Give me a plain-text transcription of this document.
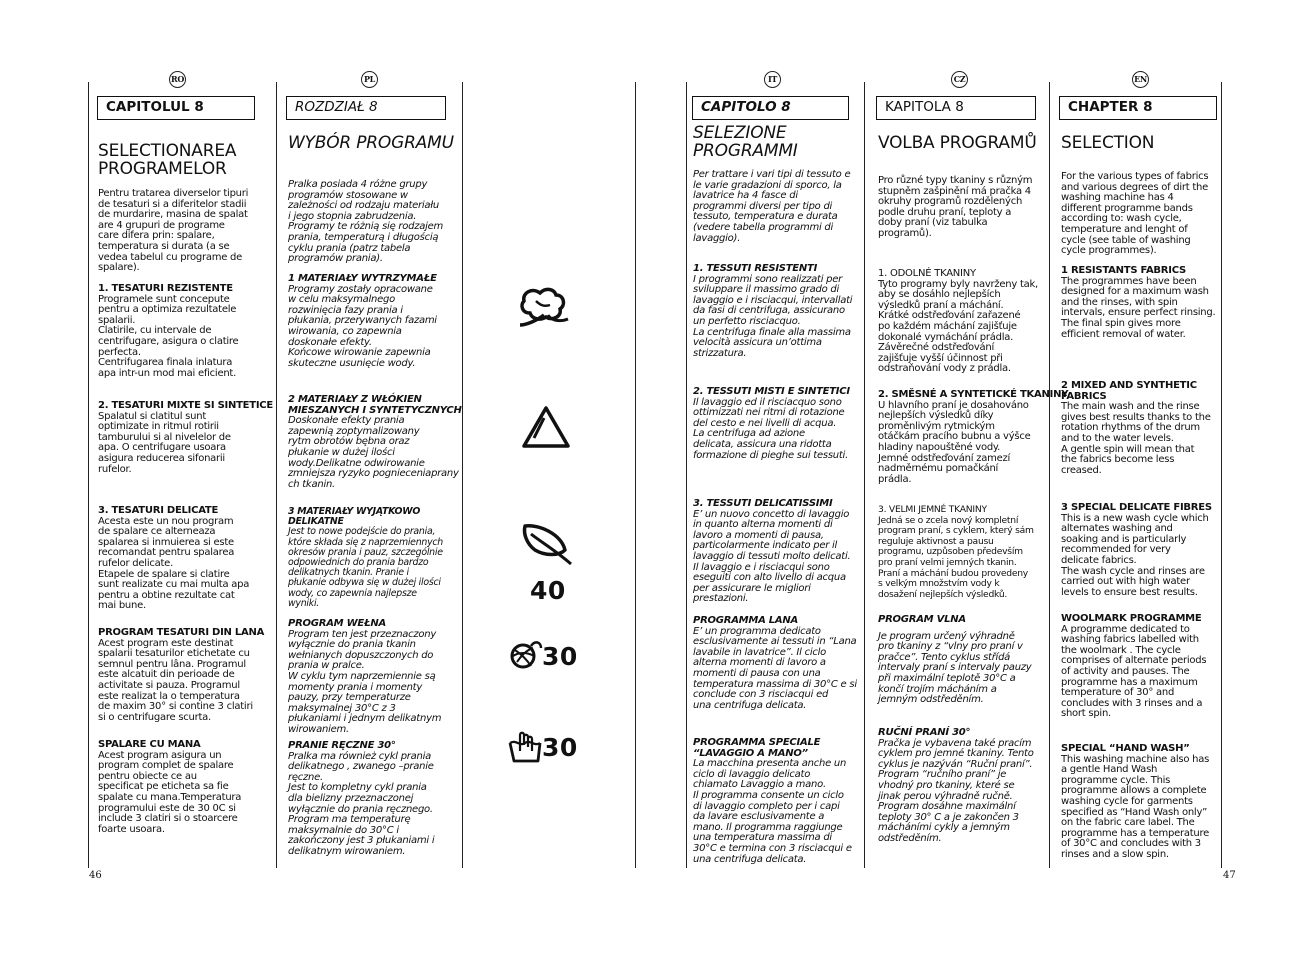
RO
CAPITOLUL 8
SELECTIONAREA
PROGRAMELOR
Pentru tratarea diverselor tipuri
de tesaturi si a diferitelor stadii
de murdarire, masina de spalat
are 4 grupuri de programe
care difera prin: spalare,
temperatura si durata (a se
vedea tabelul cu programe de
spalare).
1. TESATURI REZISTENTE
Programele sunt concepute
pentru a optimiza rezultatele
spalarii.
Clatirile, cu intervale de
centrifugare, asigura o clatire
perfecta.
Centrifugarea finala inlatura
apa intr-un mod mai eficient.
2. TESATURI MIXTE SI SINTETICE
Spalatul si clatitul sunt
optimizate in ritmul rotirii
tamburului si al nivelelor de
apa. O centrifugare usoara
asigura reducerea sifonarii
rufelor.
3. TESATURI DELICATE
Acesta este un nou program
de spalare ce alterneaza
spalarea si inmuierea si este
recomandat pentru spalarea
rufelor delicate.
Etapele de spalare si clatire
sunt realizate cu mai multa apa
pentru a obtine rezultate cat
mai bune.
PROGRAM TESATURI DIN LANA
Acest program este destinat
spalarii tesaturilor etichetate cu
semnul pentru lâna. Programul
este alcatuit din perioade de
activitate si pauza. Programul
este realizat la o temperatura
de maxim 30° si contine 3 clatiri
si o centrifugare scurta.
SPALARE CU MANA
Acest program asigura un
program complet de spalare
pentru obiecte ce au
specificat pe eticheta sa fie
spalate cu mana.Temperatura
programului este de 30 0C si
include 3 clatiri si o stoarcere
foarte usoara.
PL
ROZDZIAŁ 8
WYBÓR PROGRAMU
Pralka posiada 4 różne grupy
programów stosowane w
zależności od rodzaju materiału
i jego stopnia zabrudzenia.
Programy te różnią się rodzajem
prania, temperaturą i długością
cyklu prania (patrz tabela
programów prania).
1 MATERIAŁY WYTRZYMAŁE
Programy zostały opracowane
w celu maksymalnego
rozwinięcia fazy prania i
płukania, przerywanych fazami
wirowania, co zapewnia
doskonałe efekty.
Końcowe wirowanie zapewnia
skuteczne usunięcie wody.
2 MATERIAŁY Z WŁÓKIEN
MIESZANYCH I SYNTETYCZNYCH
Doskonałe efekty prania
zapewnią zoptymalizowany
rytm obrotów bębna oraz
płukanie w dużej ilości
wody.Delikatne odwirowanie
zmniejsza ryzyko pognieceniaprany
ch tkanin.
3 MATERIAŁY WYJĄTKOWO
DELIKATNE
Jest to nowe podejście do prania,
które składa się z naprzemiennych
okresów prania i pauz, szczególnie
odpowiednich do prania bardzo
delikatnych tkanin. Pranie i
płukanie odbywa się w dużej ilości
wody, co zapewnia najlepsze
wyniki.
PROGRAM WEŁNA
Program ten jest przeznaczony
wyłącznie do prania tkanin
wełnianych dopuszczonych do
prania w pralce.
W cyklu tym naprzemiennie są
momenty prania i momenty
pauzy, przy temperaturze
maksymalnej 30°C z 3
płukaniami i jednym delikatnym
wirowaniem.
PRANIE RĘCZNE 30°
Pralka ma również cykl prania
delikatnego , zwanego –pranie
ręczne.
Jest to kompletny cykl prania
dla bielizny przeznaczonej
wyłącznie do prania ręcznego.
Program ma temperaturę
maksymalnie do 30°C i
zakończony jest 3 płukaniami i
delikatnym wirowaniem.
40
30
30
IT
CAPITOLO 8
SELEZIONE
PROGRAMMI
Per trattare i vari tipi di tessuto e
le varie gradazioni di sporco, la
lavatrice ha 4 fasce di
programmi diversi per tipo di
tessuto, temperatura e durata
(vedere tabella programmi di
lavaggio).
1. TESSUTI RESISTENTI
I programmi sono realizzati per
sviluppare il massimo grado di
lavaggio e i risciacqui, intervallati
da fasi di centrifuga, assicurano
un perfetto risciacquo.
La centrifuga finale alla massima
velocità assicura un’ottima
strizzatura.
2. TESSUTI MISTI E SINTETICI
Il lavaggio ed il risciacquo sono
ottimizzati nei ritmi di rotazione
del cesto e nei livelli di acqua.
La centrifuga ad azione
delicata, assicura una ridotta
formazione di pieghe sui tessuti.
3. TESSUTI DELICATISSIMI
E’ un nuovo concetto di lavaggio
in quanto alterna momenti di
lavoro a momenti di pausa,
particolarmente indicato per il
lavaggio di tessuti molto delicati.
Il lavaggio e i risciacqui sono
eseguiti con alto livello di acqua
per assicurare le migliori
prestazioni.
PROGRAMMA LANA
E’ un programma dedicato
esclusivamente ai tessuti in “Lana
lavabile in lavatrice”. Il ciclo
alterna momenti di lavoro a
momenti di pausa con una
temperatura massima di 30°C e si
conclude con 3 risciacqui ed
una centrifuga delicata.
PROGRAMMA SPECIALE
“LAVAGGIO A MANO”
La macchina presenta anche un
ciclo di lavaggio delicato
chiamato Lavaggio a mano.
Il programma consente un ciclo
di lavaggio completo per i capi
da lavare esclusivamente a
mano. Il programma raggiunge
una temperatura massima di
30°C e termina con 3 risciacqui e
una centrifuga delicata.
CZ
KAPITOLA 8
VOLBA PROGRAMŮ
Pro různé typy tkaniny s různým
stupněm zašpinění má pračka 4
okruhy programů rozdělených
podle druhu praní, teploty a
doby praní (viz tabulka
programů).
1. ODOLNÉ TKANINY
Tyto programy byly navrženy tak,
aby se dosáhlo nejlepších
výsledků praní a máchání.
Krátké odstřeďování zařazené
po každém máchání zajišťuje
dokonalé vymáchání prádla.
Závěrečné odstřeďování
zajišťuje vyšší účinnost při
odstraňování vody z prádla.
2. SMĚSNÉ A SYNTETICKÉ TKANINY
U hlavního praní je dosahováno
nejlepších výsledků díky
proměnlivým rytmickým
otáčkám pracího bubnu a výšce
hladiny napouštěné vody.
Jemné odstřeďování zamezí
nadměrnému pomačkání
prádla.
3. VELMI JEMNÉ TKANINY
Jedná se o zcela nový kompletní
program praní, s cyklem, který sám
reguluje aktivnost a pausu
programu, uzpůsoben především
pro praní velmi jemných tkanin.
Praní a máchání budou provedeny
s velkým množstvím vody k
dosažení nejlepších výsledků.
PROGRAM VLNA
Je program určený výhradně
pro tkaniny z “vlny pro praní v
pračce”. Tento cyklus střídá
intervaly praní s intervaly pauzy
při maximální teplotě 30°C a
končí trojím mácháním a
jemným odstředěním.
RUČNÍ PRANÍ 30°
Pračka je vybavena také pracím
cyklem pro jemné tkaniny. Tento
cyklus je nazýván “Ruční praní”.
Program “ručního praní” je
vhodný pro tkaniny, které se
jinak perou výhradně ručně.
Program dosáhne maximální
teploty 30° C a je zakončen 3
mácháními cykly a jemným
odstředěním.
EN
CHAPTER 8
SELECTION
For the various types of fabrics
and various degrees of dirt the
washing machine has 4
different programme bands
according to: wash cycle,
temperature and lenght of
cycle (see table of washing
cycle programmes).
1 RESISTANTS FABRICS
The programmes have been
designed for a maximum wash
and the rinses, with spin
intervals, ensure perfect rinsing.
The final spin gives more
efficient removal of water.
2 MIXED AND SYNTHETIC
FABRICS
The main wash and the rinse
gives best results thanks to the
rotation rhythms of the drum
and to the water levels.
A gentle spin will mean that
the fabrics become less
creased.
3 SPECIAL DELICATE FIBRES
This is a new wash cycle which
alternates washing and
soaking and is particularly
recommended for very
delicate fabrics.
The wash cycle and rinses are
carried out with high water
levels to ensure best results.
WOOLMARK PROGRAMME
A programme dedicated to
washing fabrics labelled with
the woolmark . The cycle
comprises of alternate periods
of activity and pauses. The
programme has a maximum
temperature of 30° and
concludes with 3 rinses and a
short spin.
SPECIAL “HAND WASH”
This washing machine also has
a gentle Hand Wash
programme cycle. This
programme allows a complete
washing cycle for garments
specified as “Hand Wash only”
on the fabric care label. The
programme has a temperature
of 30°C and concludes with 3
rinses and a slow spin.
46	47
